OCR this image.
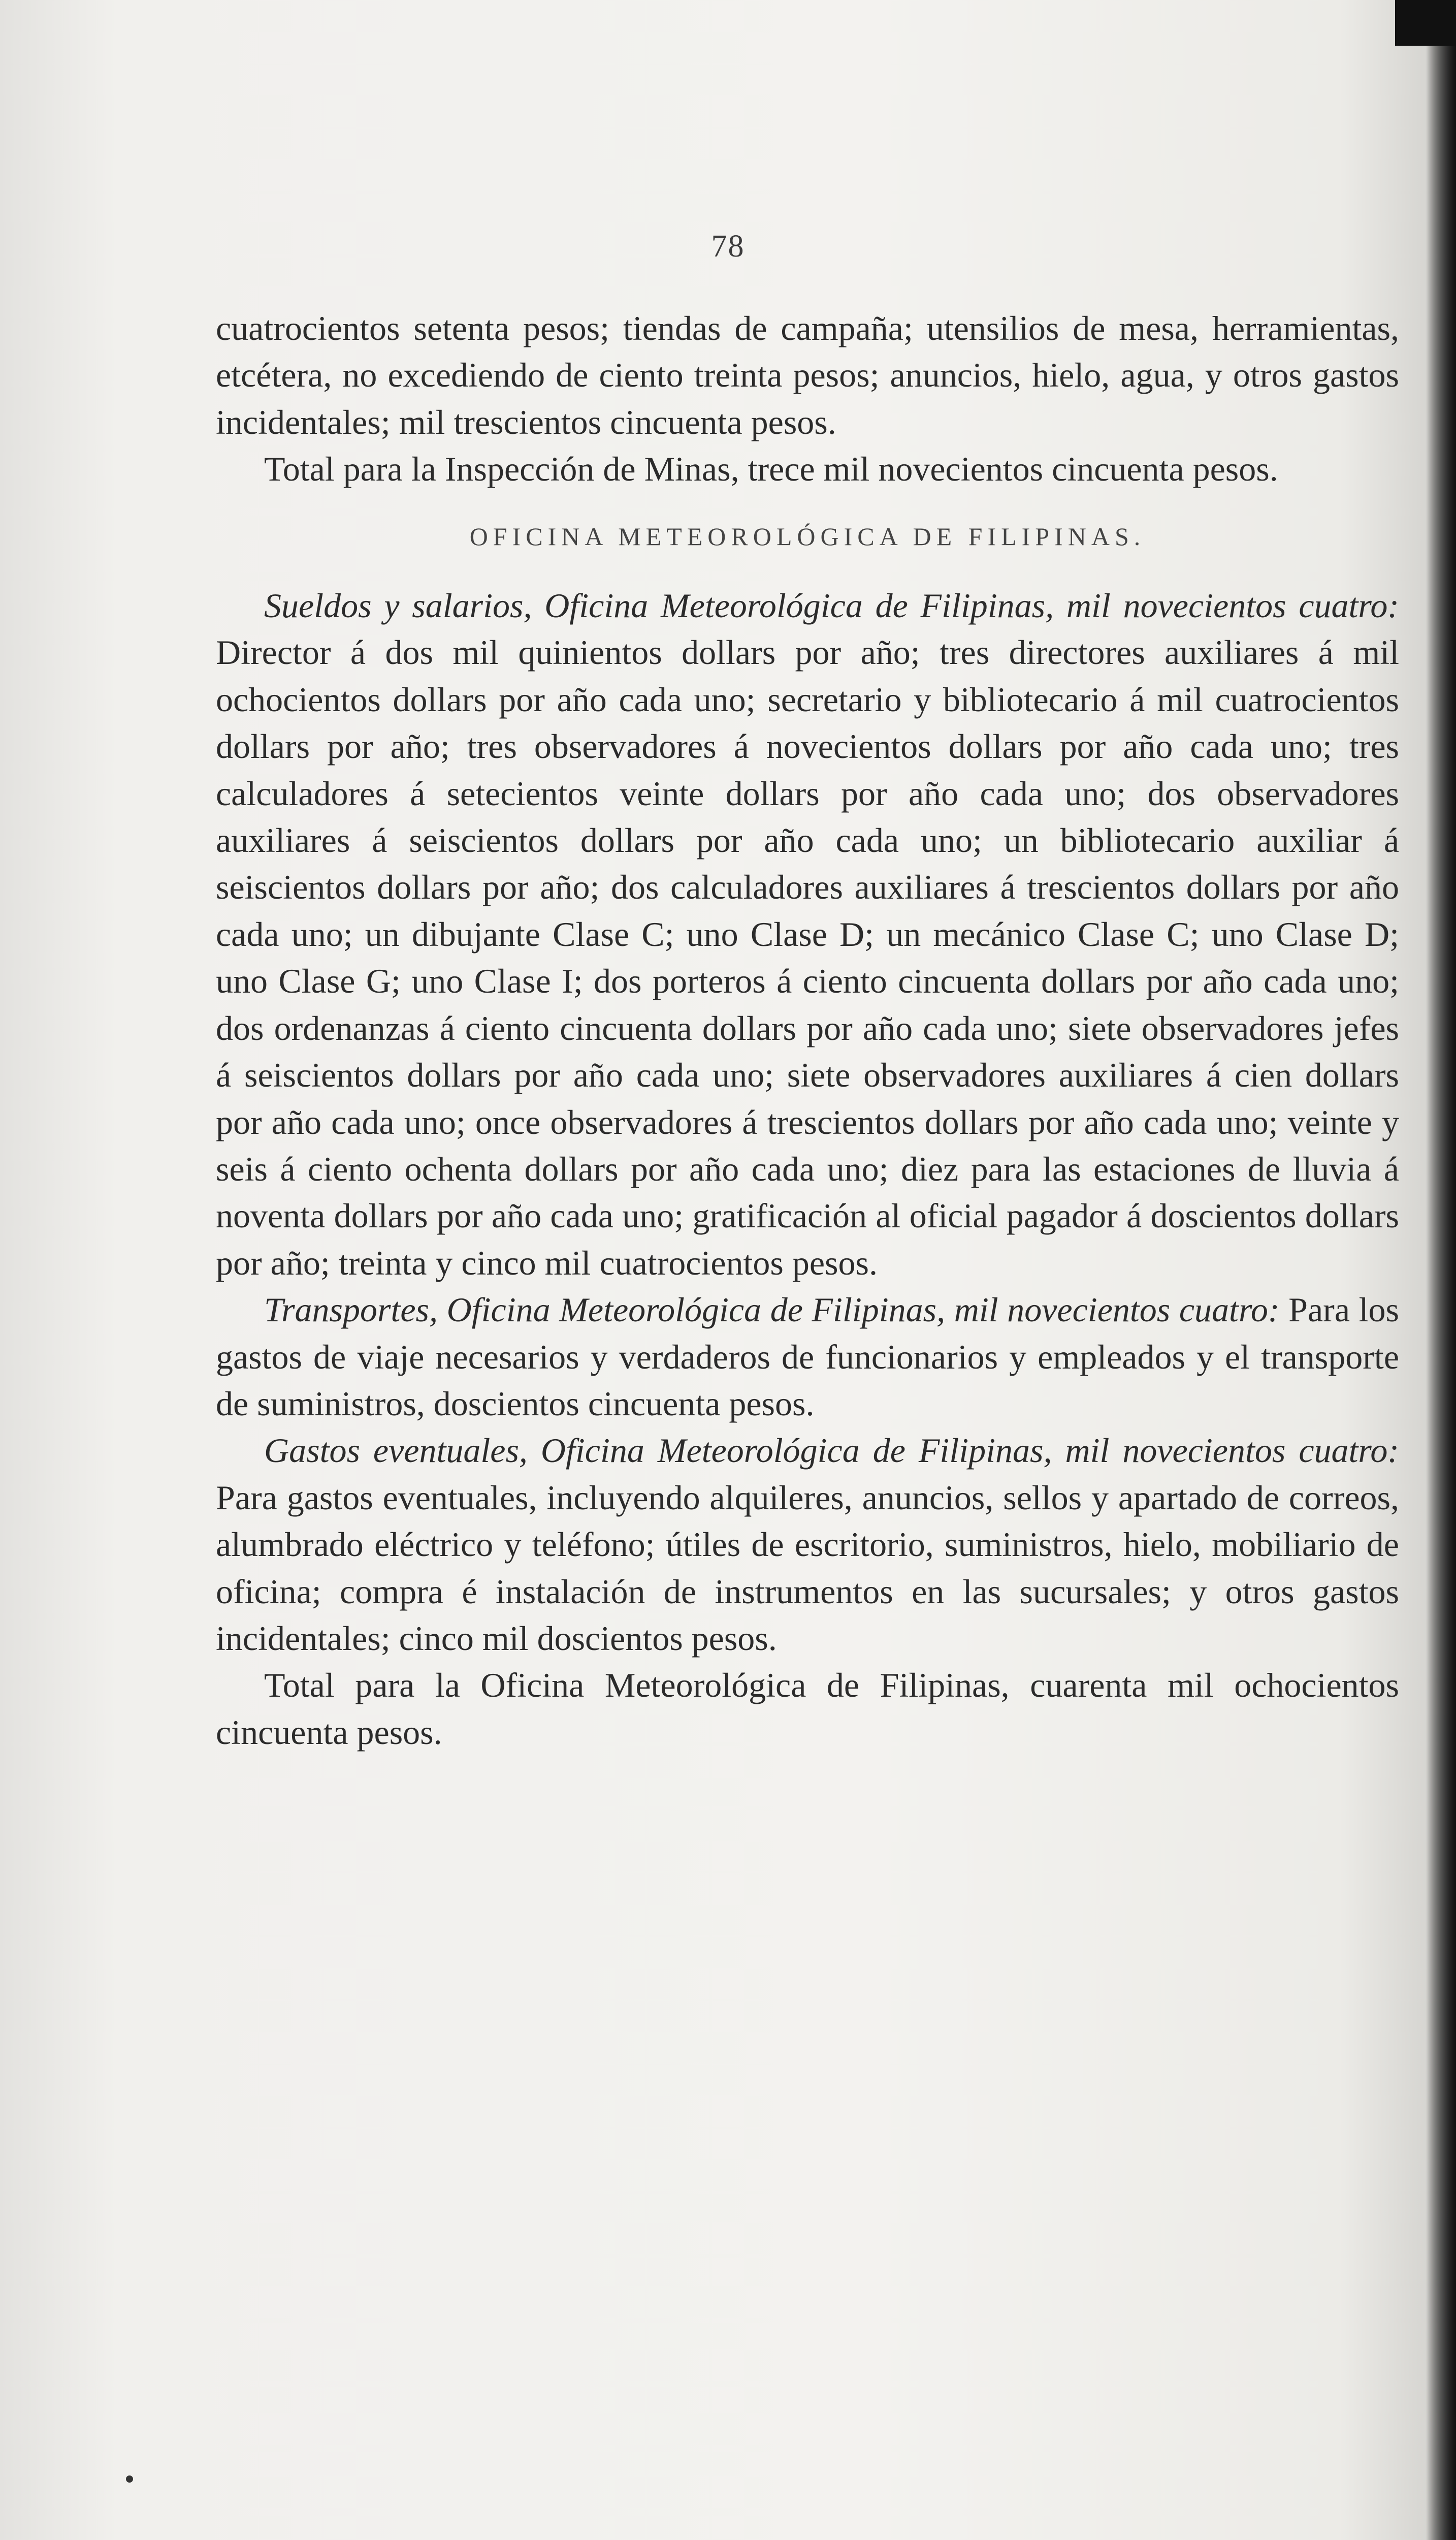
78

cuatrocientos setenta pesos; tiendas de campaña; utensilios de mesa, herramientas, etcétera, no excediendo de ciento treinta pesos; anuncios, hielo, agua, y otros gastos incidentales; mil trescientos cincuenta pesos.

Total para la Inspección de Minas, trece mil novecientos cincuenta pesos.

OFICINA METEOROLÓGICA DE FILIPINAS.

Sueldos y salarios, Oficina Meteorológica de Filipinas, mil novecientos cuatro: Director á dos mil quinientos dollars por año; tres directores auxiliares á mil ochocientos dollars por año cada uno; secretario y bibliotecario á mil cuatrocientos dollars por año; tres observadores á novecientos dollars por año cada uno; tres calculadores á setecientos veinte dollars por año cada uno; dos observadores auxiliares á seiscientos dollars por año cada uno; un bibliotecario auxiliar á seiscientos dollars por año; dos calculadores auxiliares á trescientos dollars por año cada uno; un dibujante Clase C; uno Clase D; un mecánico Clase C; uno Clase D; uno Clase G; uno Clase I; dos porteros á ciento cincuenta dollars por año cada uno; dos ordenanzas á ciento cincuenta dollars por año cada uno; siete observadores jefes á seiscientos dollars por año cada uno; siete observadores auxiliares á cien dollars por año cada uno; once observadores á trescientos dollars por año cada uno; veinte y seis á ciento ochenta dollars por año cada uno; diez para las estaciones de lluvia á noventa dollars por año cada uno; gratificación al oficial pagador á doscientos dollars por año; treinta y cinco mil cuatrocientos pesos.

Transportes, Oficina Meteorológica de Filipinas, mil novecientos cuatro: Para los gastos de viaje necesarios y verdaderos de funcionarios y empleados y el transporte de suministros, doscientos cincuenta pesos.

Gastos eventuales, Oficina Meteorológica de Filipinas, mil novecientos cuatro: Para gastos eventuales, incluyendo alquileres, anuncios, sellos y apartado de correos, alumbrado eléctrico y teléfono; útiles de escritorio, suministros, hielo, mobiliario de oficina; compra é instalación de instrumentos en las sucursales; y otros gastos incidentales; cinco mil doscientos pesos.

Total para la Oficina Meteorológica de Filipinas, cuarenta mil ochocientos cincuenta pesos.
